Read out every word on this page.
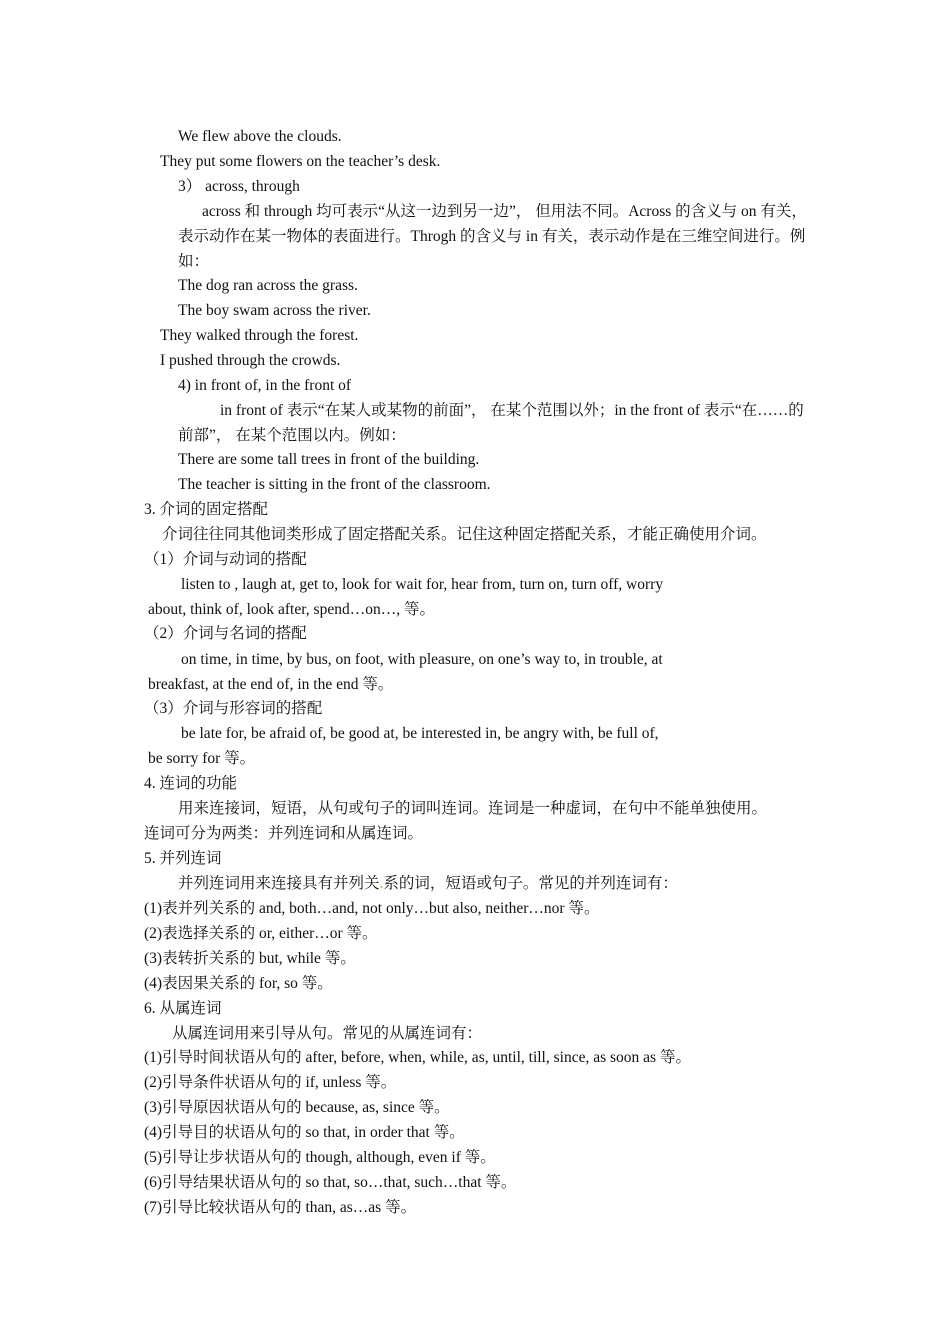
We flew above the clouds.
They put some flowers on the teacher’s desk.
3） across, through
across 和 through 均可表示“从这一边到另一边”， 但用法不同。Across 的含义与 on 有关，表示动作在某一物体的表面进行。Throgh 的含义与 in 有关，表示动作是在三维空间进行。例如：
The dog ran across the grass.
The boy swam across the river.
They walked through the forest.
I pushed through the crowds.
4) in front of, in the front of
in front of 表示“在某人或某物的前面”， 在某个范围以外；in the front of 表示“在……的前部”， 在某个范围以内。例如：
There are some tall trees in front of the building.
The teacher is sitting in the front of the classroom.
3. 介词的固定搭配
介词往往同其他词类形成了固定搭配关系。记住这种固定搭配关系，才能正确使用介词。
（1）介词与动词的搭配
listen to , laugh at, get to, look for wait for, hear from, turn on, turn off, worry
about, think of, look after, spend…on…, 等。
（2）介词与名词的搭配
on time, in time, by bus, on foot, with pleasure, on one’s way to, in trouble, at
breakfast, at the end of, in the end 等。
（3）介词与形容词的搭配
be late for, be afraid of, be good at, be interested in, be angry with, be full of,
be sorry for 等。
4. 连词的功能
用来连接词，短语，从句或句子的词叫连词。连词是一种虚词，在句中不能单独使用。
连词可分为两类：并列连词和从属连词。
5. 并列连词
并列连词用来连接具有并列关.系的词，短语或句子。常见的并列连词有：
(1)表并列关系的 and, both…and, not only…but also, neither…nor 等。
(2)表选择关系的 or, either…or 等。
(3)表转折关系的 but, while 等。
(4)表因果关系的 for, so 等。
6. 从属连词
从属连词用来引导从句。常见的从属连词有：
(1)引导时间状语从句的 after, before, when, while, as, until, till, since, as soon as 等。
(2)引导条件状语从句的 if, unless 等。
(3)引导原因状语从句的 because, as, since 等。
(4)引导目的状语从句的 so that, in order that 等。
(5)引导让步状语从句的 though, although, even if 等。
(6)引导结果状语从句的 so that, so…that, such…that 等。
(7)引导比较状语从句的 than, as…as 等。
